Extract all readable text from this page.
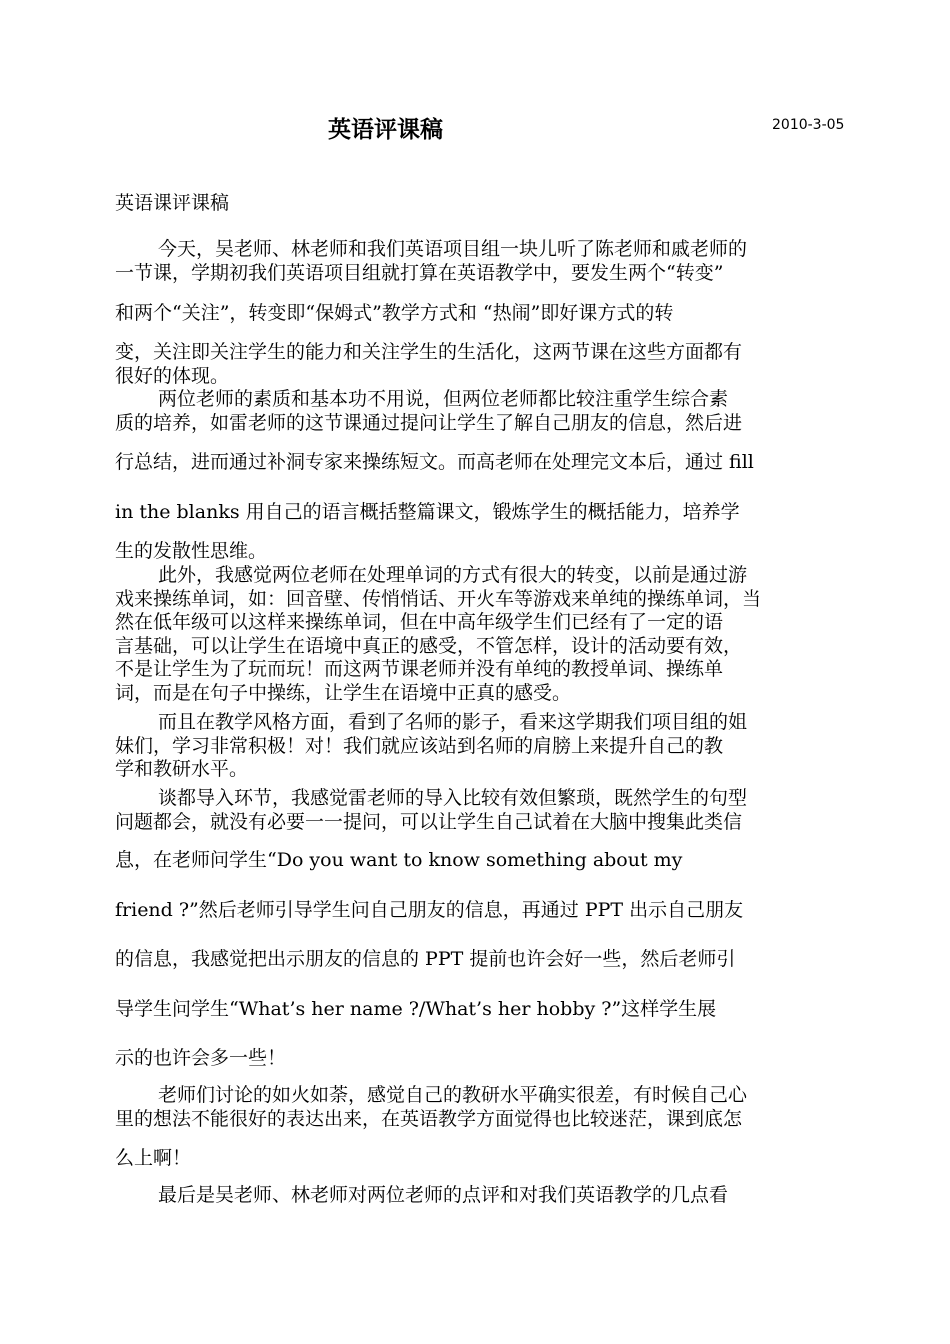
英语评课稿	2010-3-05
英语课评课稿
今天，吴老师、林老师和我们英语项目组一块儿听了陈老师和戚老师的
一节课，学期初我们英语项目组就打算在英语教学中，要发生两个“转变”
和两个“关注”，转变即“保姆式”教学方式和 “热闹”即好课方式的转
变，关注即关注学生的能力和关注学生的生活化，这两节课在这些方面都有
很好的体现。
两位老师的素质和基本功不用说，但两位老师都比较注重学生综合素
质的培养，如雷老师的这节课通过提问让学生了解自己朋友的信息，然后进
行总结，进而通过补洞专家来操练短文。而高老师在处理完文本后，通过 fill
in the blanks 用自己的语言概括整篇课文，锻炼学生的概括能力，培养学
生的发散性思维。
此外，我感觉两位老师在处理单词的方式有很大的转变，以前是通过游
戏来操练单词，如：回音壁、传悄悄话、开火车等游戏来单纯的操练单词，当
然在低年级可以这样来操练单词，但在中高年级学生们已经有了一定的语
言基础，可以让学生在语境中真正的感受，不管怎样，设计的活动要有效，
不是让学生为了玩而玩！而这两节课老师并没有单纯的教授单词、操练单
词，而是在句子中操练，让学生在语境中正真的感受。
而且在教学风格方面，看到了名师的影子，看来这学期我们项目组的姐
妹们，学习非常积极！对！我们就应该站到名师的肩膀上来提升自己的教
学和教研水平。
谈都导入环节，我感觉雷老师的导入比较有效但繁琐，既然学生的句型
问题都会，就没有必要一一提问，可以让学生自己试着在大脑中搜集此类信
息，在老师问学生“Do you want to know something about my
friend ?”然后老师引导学生问自己朋友的信息，再通过 PPT 出示自己朋友
的信息，我感觉把出示朋友的信息的 PPT 提前也许会好一些，然后老师引
导学生问学生“What’s her name ?/What’s her hobby ?”这样学生展
示的也许会多一些！
老师们讨论的如火如荼，感觉自己的教研水平确实很差，有时候自己心
里的想法不能很好的表达出来，在英语教学方面觉得也比较迷茫，课到底怎
么上啊！
最后是吴老师、林老师对两位老师的点评和对我们英语教学的几点看
